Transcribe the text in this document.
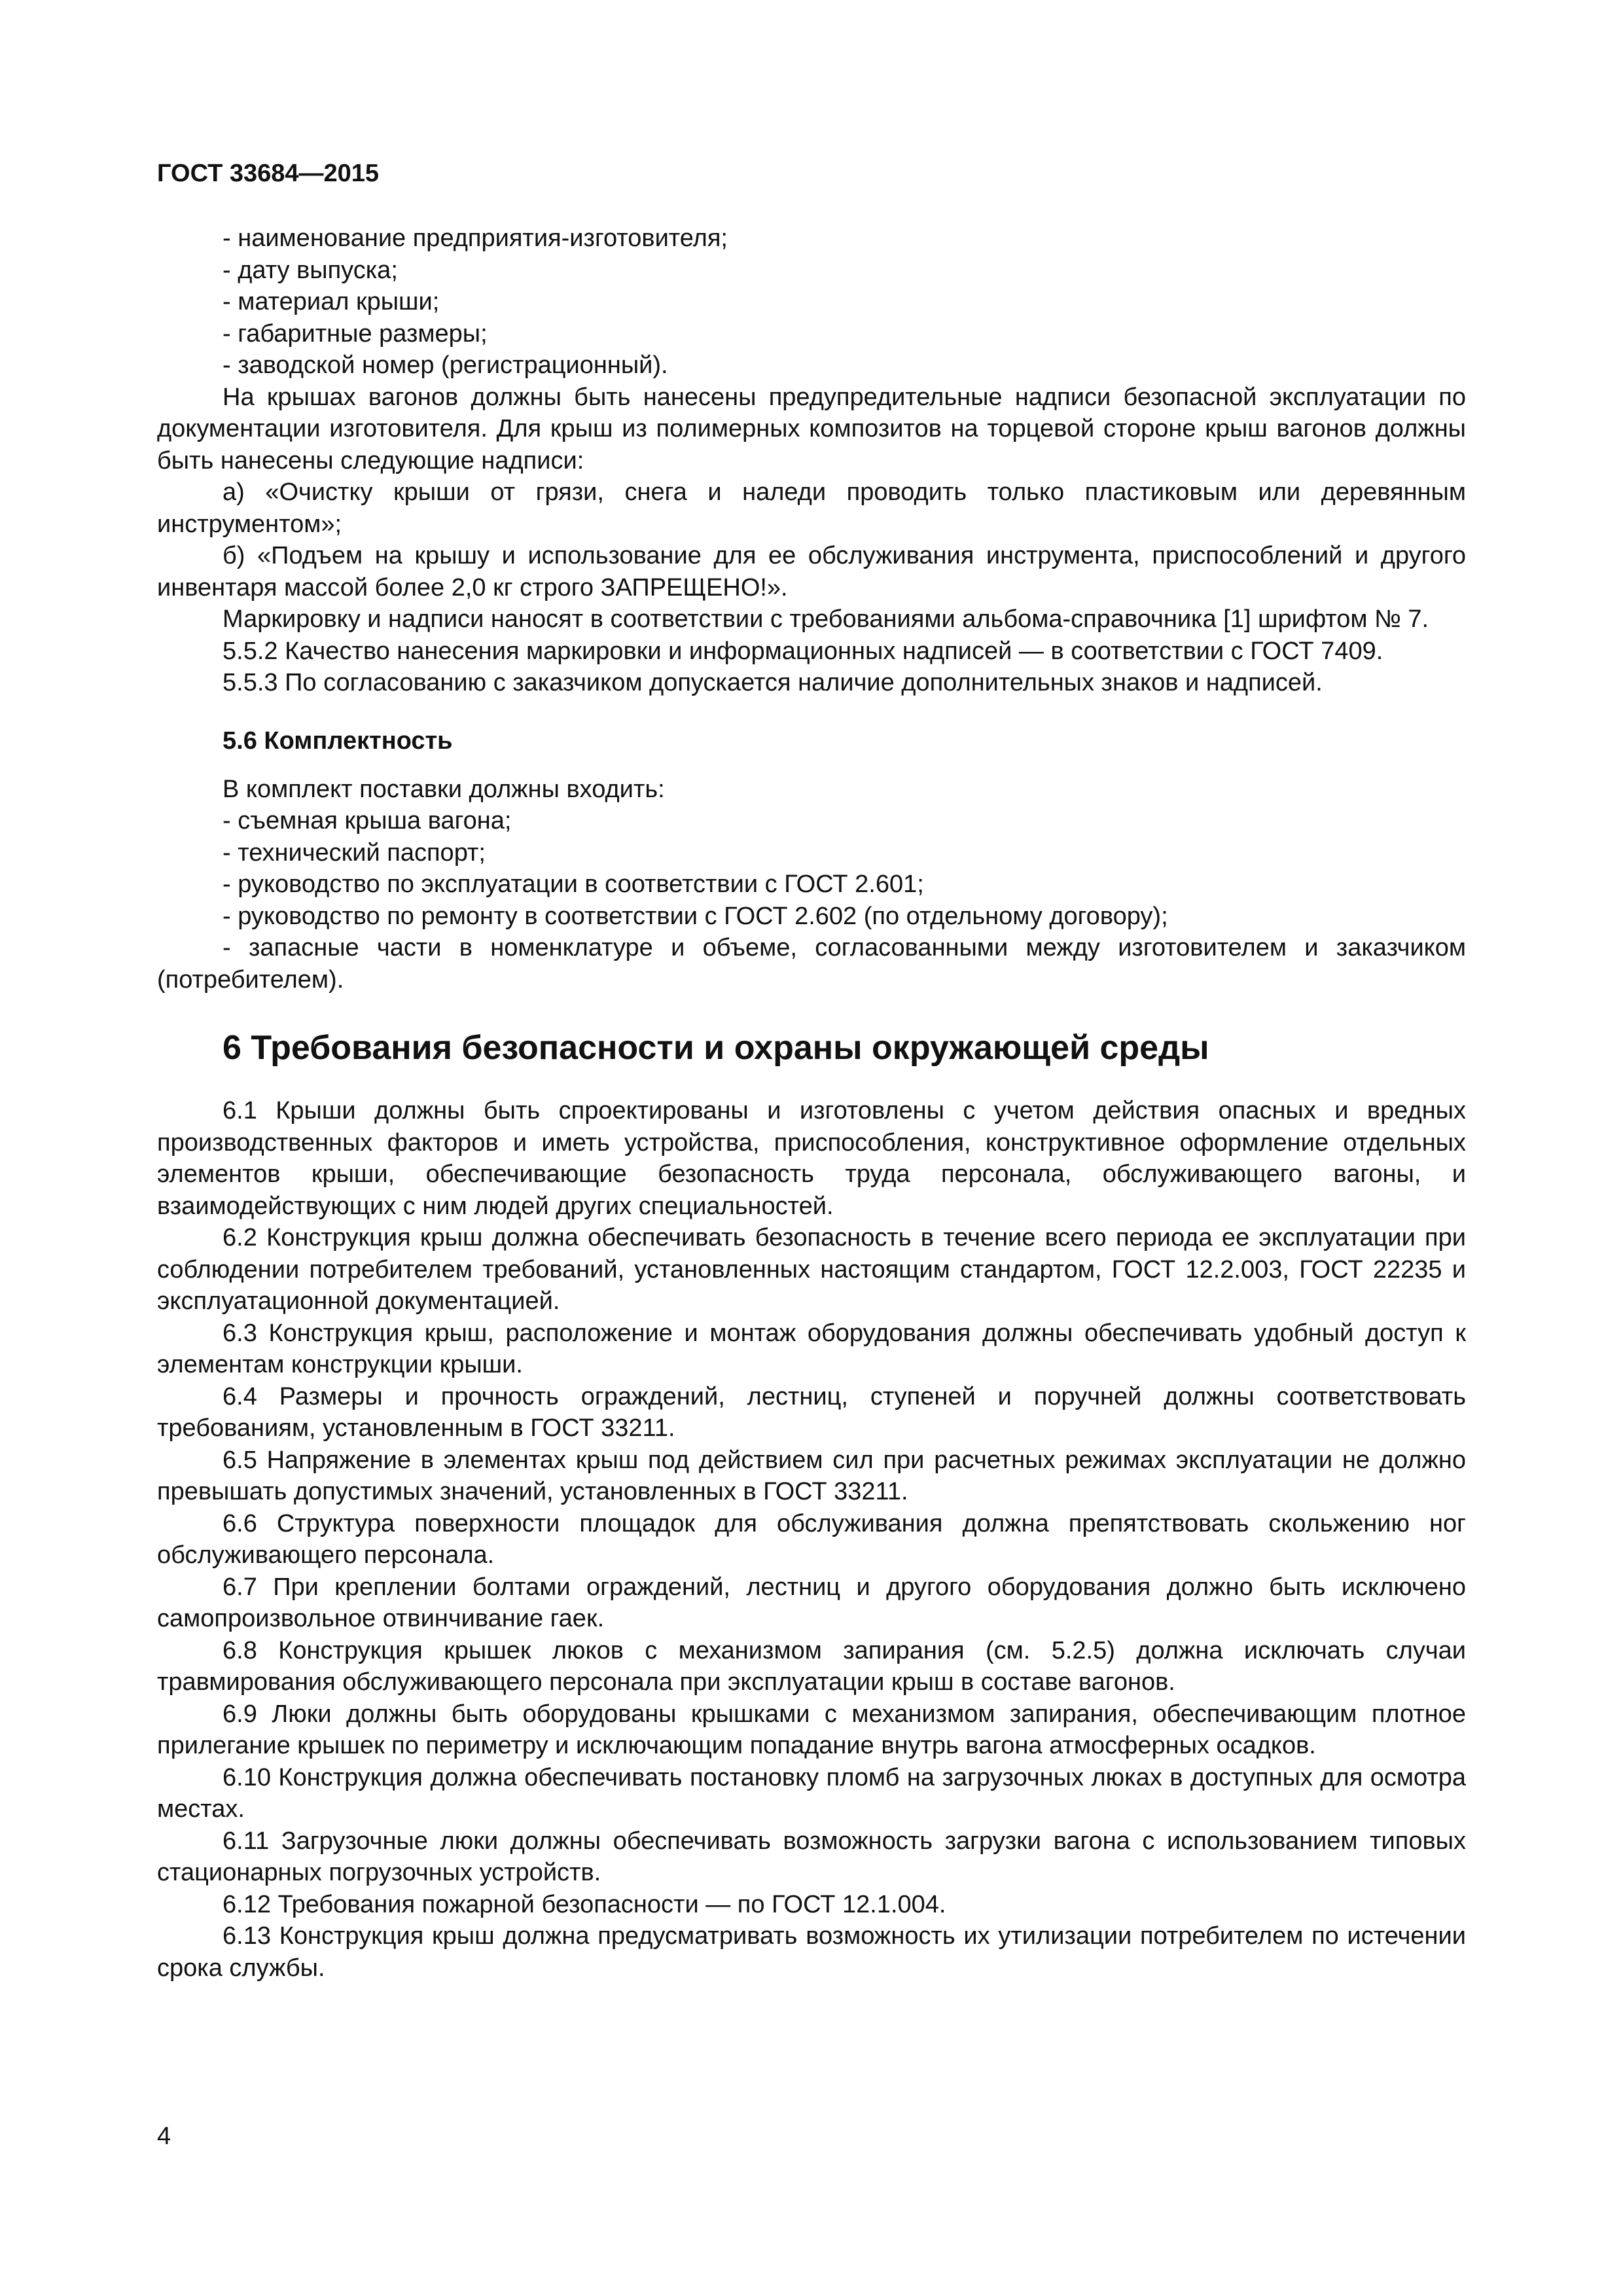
ГОСТ 33684—2015

- наименование предприятия-изготовителя;

- дату выпуска;

- материал крыши;

- габаритные размеры;

- заводской номер (регистрационный).

На крышах вагонов должны быть нанесены предупредительные надписи безопасной эксплуатации по документации изготовителя. Для крыш из полимерных композитов на торцевой стороне крыш вагонов должны быть нанесены следующие надписи:

а) «Очистку крыши от грязи, снега и наледи проводить только пластиковым или деревянным инструментом»;

б) «Подъем на крышу и использование для ее обслуживания инструмента, приспособлений и другого инвентаря массой более 2,0 кг строго ЗАПРЕЩЕНО!».

Маркировку и надписи наносят в соответствии с требованиями альбома-справочника [1] шрифтом № 7.

5.5.2 Качество нанесения маркировки и информационных надписей — в соответствии с ГОСТ 7409.

5.5.3 По согласованию с заказчиком допускается наличие дополнительных знаков и надписей.

5.6 Комплектность

В комплект поставки должны входить:

- съемная крыша вагона;

- технический паспорт;

- руководство по эксплуатации в соответствии с ГОСТ 2.601;

- руководство по ремонту в соответствии с ГОСТ 2.602 (по отдельному договору);

- запасные части в номенклатуре и объеме, согласованными между изготовителем и заказчиком (потребителем).

6 Требования безопасности и охраны окружающей среды

6.1 Крыши должны быть спроектированы и изготовлены с учетом действия опасных и вредных производственных факторов и иметь устройства, приспособления, конструктивное оформление отдельных элементов крыши, обеспечивающие безопасность труда персонала, обслуживающего вагоны, и взаимодействующих с ним людей других специальностей.

6.2 Конструкция крыш должна обеспечивать безопасность в течение всего периода ее эксплуатации при соблюдении потребителем требований, установленных настоящим стандартом, ГОСТ 12.2.003, ГОСТ 22235 и эксплуатационной документацией.

6.3 Конструкция крыш, расположение и монтаж оборудования должны обеспечивать удобный доступ к элементам конструкции крыши.

6.4 Размеры и прочность ограждений, лестниц, ступеней и поручней должны соответствовать требованиям, установленным в ГОСТ 33211.

6.5 Напряжение в элементах крыш под действием сил при расчетных режимах эксплуатации не должно превышать допустимых значений, установленных в ГОСТ 33211.

6.6 Структура поверхности площадок для обслуживания должна препятствовать скольжению ног обслуживающего персонала.

6.7 При креплении болтами ограждений, лестниц и другого оборудования должно быть исключено самопроизвольное отвинчивание гаек.

6.8 Конструкция крышек люков с механизмом запирания (см. 5.2.5) должна исключать случаи травмирования обслуживающего персонала при эксплуатации крыш в составе вагонов.

6.9 Люки должны быть оборудованы крышками с механизмом запирания, обеспечивающим плотное прилегание крышек по периметру и исключающим попадание внутрь вагона атмосферных осадков.

6.10 Конструкция должна обеспечивать постановку пломб на загрузочных люках в доступных для осмотра местах.

6.11 Загрузочные люки должны обеспечивать возможность загрузки вагона с использованием типовых стационарных погрузочных устройств.

6.12 Требования пожарной безопасности — по ГОСТ 12.1.004.

6.13 Конструкция крыш должна предусматривать возможность их утилизации потребителем по истечении срока службы.

4
